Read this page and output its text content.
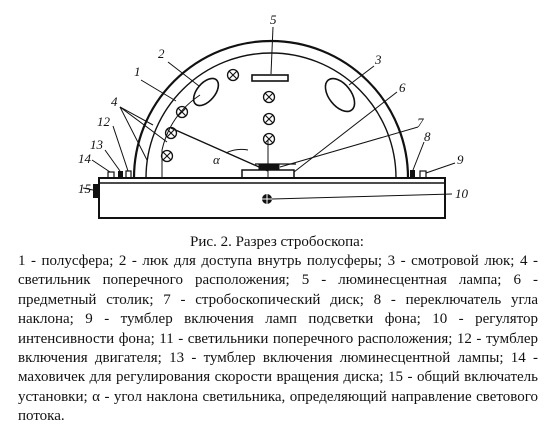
α
1
2	3
4
5
6
7
8
9
10
12
13
14
15
Рис. 2. Разрез стробоскопа:
1 - полусфера; 2 - люк для доступа внутрь полусферы; 3 - смотровой люк; 4 - светильник поперечного расположения; 5 - люминесцентная лампа; 6 - предметный столик; 7 - стробоскопический диск; 8 - переключатель угла наклона; 9 - тумблер включения ламп подсветки фона; 10 - регулятор интенсивности фона; 11 - светильники поперечного расположения; 12 - тумблер включения двигателя; 13 - тумблер включения люминесцентной лампы; 14 - маховичек для регулирования скорости вращения диска; 15 - общий включатель установки; α - угол наклона светильника, определяющий направление светового потока.
